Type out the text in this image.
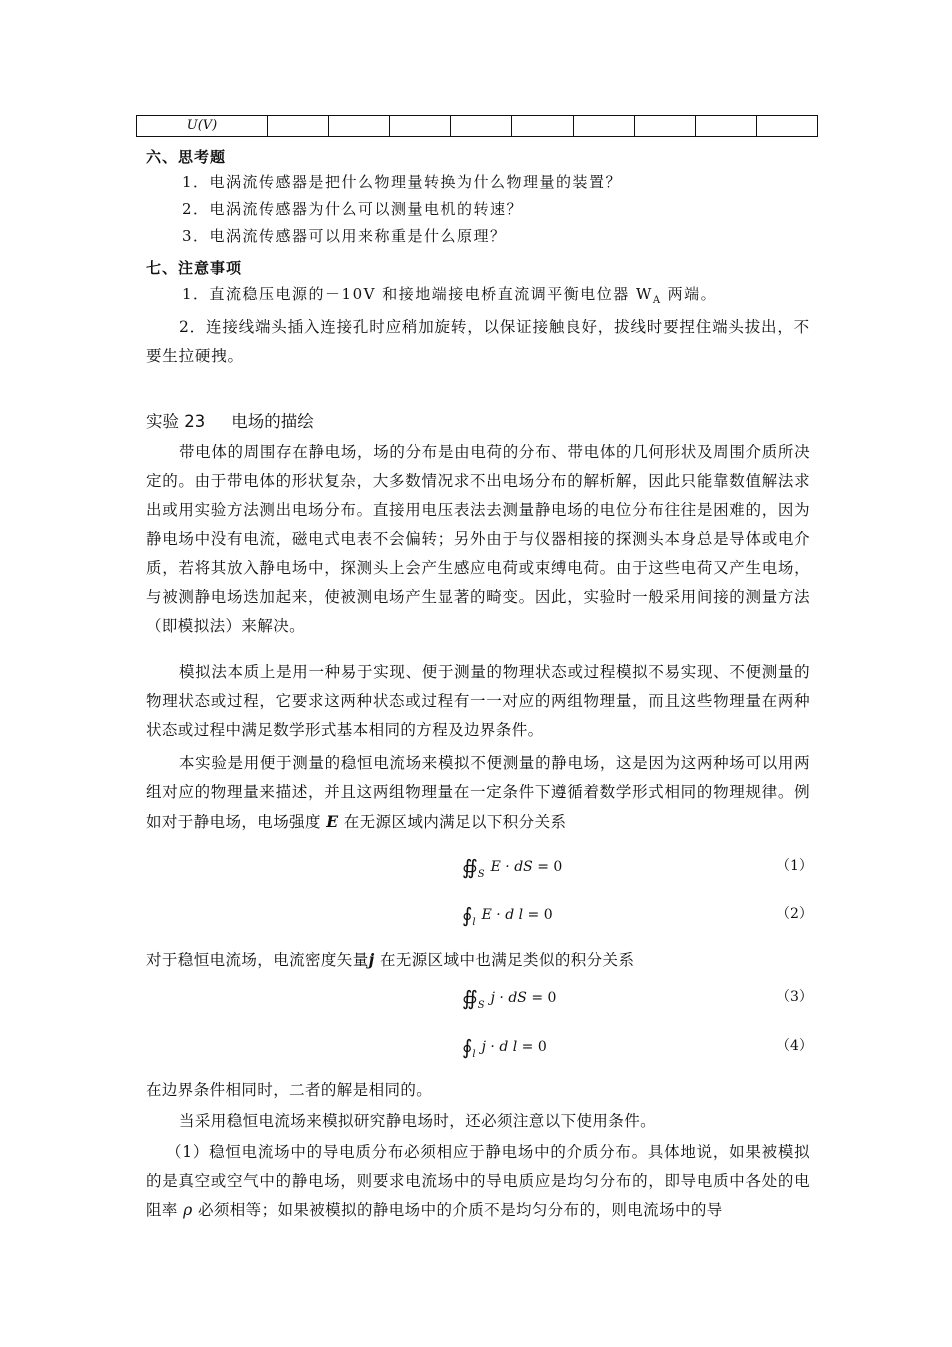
U(V)									
六、思考题
1．电涡流传感器是把什么物理量转换为什么物理量的装置？
2．电涡流传感器为什么可以测量电机的转速？
3．电涡流传感器可以用来称重是什么原理？
七、注意事项
1．直流稳压电源的－10V 和接地端接电桥直流调平衡电位器 $W_A$ 两端。
2．连接线端头插入连接孔时应稍加旋转，以保证接触良好，拔线时要捏住端头拔出，不要生拉硬拽。
实验 23 电场的描绘
带电体的周围存在静电场，场的分布是由电荷的分布、带电体的几何形状及周围介质所决定的。由于带电体的形状复杂，大多数情况求不出电场分布的解析解，因此只能靠数值解法求出或用实验方法测出电场分布。直接用电压表法去测量静电场的电位分布往往是困难的，因为静电场中没有电流，磁电式电表不会偏转；另外由于与仪器相接的探测头本身总是导体或电介质，若将其放入静电场中，探测头上会产生感应电荷或束缚电荷。由于这些电荷又产生电场，与被测静电场迭加起来，使被测电场产生显著的畸变。因此，实验时一般采用间接的测量方法（即模拟法）来解决。
模拟法本质上是用一种易于实现、便于测量的物理状态或过程模拟不易实现、不便测量的物理状态或过程，它要求这两种状态或过程有一一对应的两组物理量，而且这些物理量在两种状态或过程中满足数学形式基本相同的方程及边界条件。
本实验是用便于测量的稳恒电流场来模拟不便测量的静电场，这是因为这两种场可以用两组对应的物理量来描述，并且这两组物理量在一定条件下遵循着数学形式相同的物理规律。例如对于静电场，电场强度 E 在无源区域内满足以下积分关系
$∯_S$ E · dS = 0	（1）
$∮_l$ E · d l = 0	（2）
对于稳恒电流场，电流密度矢量j 在无源区域中也满足类似的积分关系
$∯_S$ j · dS = 0	（3）
$∮_l$ j · d l = 0	（4）
在边界条件相同时，二者的解是相同的。
当采用稳恒电流场来模拟研究静电场时，还必须注意以下使用条件。
（1）稳恒电流场中的导电质分布必须相应于静电场中的介质分布。具体地说，如果被模拟的是真空或空气中的静电场，则要求电流场中的导电质应是均匀分布的，即导电质中各处的电阻率 ρ 必须相等；如果被模拟的静电场中的介质不是均匀分布的，则电流场中的导
